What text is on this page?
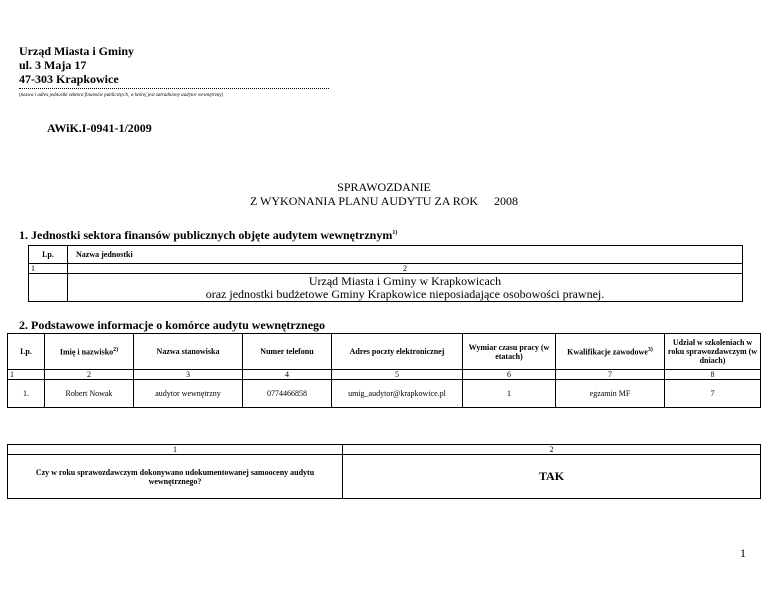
Urząd Miasta i Gminy
ul. 3 Maja 17
47-303 Krapkowice
(nazwa i adres jednostki sektora finansów publicznych, w której jest zatrudniony audytor wewnętrzny)
AWiK.I-0941-1/2009
SPRAWOZDANIE
Z WYKONANIA PLANU AUDYTU ZA ROK 2008
1. Jednostki sektora finansów publicznych objęte audytem wewnętrznym$^{1)}$
Lp.	Nazwa jednostki
1	2

	Urząd Miasta i Gminy w Krapkowicach
oraz jednostki budżetowe Gminy Krapkowice nieposiadające osobowości prawnej.
2. Podstawowe informacje o komórce audytu wewnętrznego
Lp.	Imię i nazwisko$^{2)}$	Nazwa stanowiska	Numer telefonu	Adres poczty elektronicznej	Wymiar czasu pracy (w etatach)	Kwalifikacje zawodowe$^{3)}$	Udział w szkoleniach w roku sprawozdawczym (w dniach)
1	2	3	4	5	6	7	8
1.	Robert Nowak	audytor wewnętrzny	0774466858	umig_audytor@krapkowice.pl	1	egzamin MF	7
1	2
Czy w roku sprawozdawczym dokonywano udokumentowanej samooceny audytu wewnętrznego?	TAK
1
